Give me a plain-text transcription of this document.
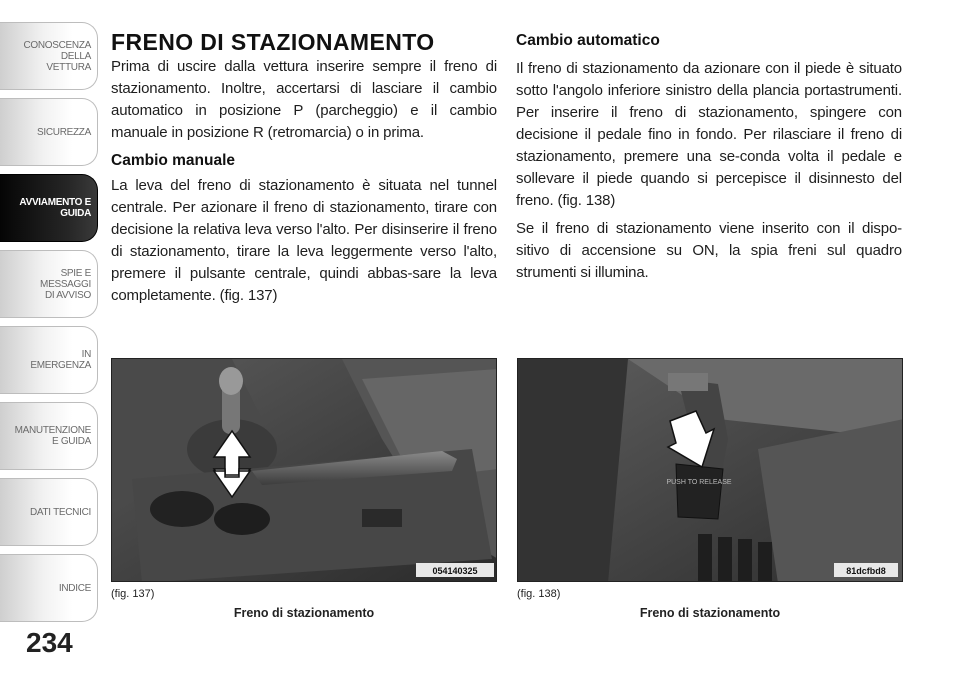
CONOSCENZA DELLA
VETTURA
SICUREZZA
AVVIAMENTO E
GUIDA
SPIE E
MESSAGGI
DI AVVISO
IN
EMERGENZA
MANUTENZIONE
E GUIDA
DATI TECNICI
INDICE
234
FRENO DI STAZIONAMENTO

Prima di uscire dalla vettura inserire sempre il freno di stazionamento. Inoltre, accertarsi di lasciare il cambio automatico in posizione P (parcheggio) e il cambio manuale in posizione R (retromarcia) o in prima.

Cambio manuale

La leva del freno di stazionamento è situata nel tunnel centrale. Per azionare il freno di stazionamento, tirare con decisione la relativa leva verso l'alto. Per disinserire il freno di stazionamento, tirare la leva leggermente verso l'alto, premere il pulsante centrale, quindi abbas-sare la leva completamente. (fig. 137)

Cambio automatico

Il freno di stazionamento da azionare con il piede è situato sotto l'angolo inferiore sinistro della plancia portastrumenti. Per inserire il freno di stazionamento, spingere con decisione il pedale fino in fondo. Per rilasciare il freno di stazionamento, premere una se-conda volta il pedale e sollevare il piede quando si percepisce il disinnesto del freno. (fig. 138)

Se il freno di stazionamento viene inserito con il dispo-sitivo di accensione su ON, la spia freni sul quadro strumenti si illumina.

054140325
(fig. 137)
Freno di stazionamento
PUSH TO RELEASE
81dcfbd8
(fig. 138)
Freno di stazionamento
